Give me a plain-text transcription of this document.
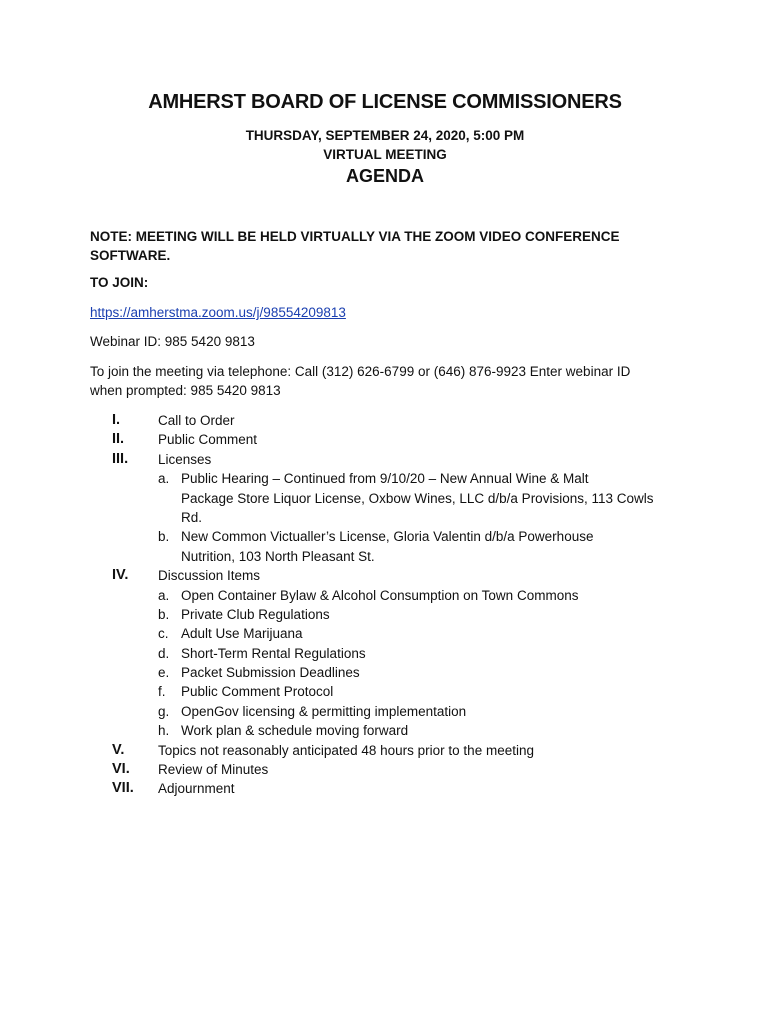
AMHERST BOARD OF LICENSE COMMISSIONERS
THURSDAY, SEPTEMBER 24, 2020, 5:00 PM
VIRTUAL MEETING
AGENDA
NOTE: MEETING WILL BE HELD VIRTUALLY VIA THE ZOOM VIDEO CONFERENCE
SOFTWARE.
TO JOIN:
https://amherstma.zoom.us/j/98554209813
Webinar ID: 985 5420 9813
To join the meeting via telephone: Call (312) 626-6799 or (646) 876-9923 Enter webinar ID
when prompted: 985 5420 9813
I.	Call to Order
II.	Public Comment
III. Licenses
a. Public Hearing – Continued from 9/10/20 – New Annual Wine & Malt
Package Store Liquor License, Oxbow Wines, LLC d/b/a Provisions, 113 Cowls
Rd.
b. New Common Victualler’s License, Gloria Valentin d/b/a Powerhouse
Nutrition, 103 North Pleasant St.
IV. Discussion Items
a. Open Container Bylaw & Alcohol Consumption on Town Commons
b. Private Club Regulations
c. Adult Use Marijuana
d. Short-Term Rental Regulations
e. Packet Submission Deadlines
f. Public Comment Protocol
g. OpenGov licensing & permitting implementation
h. Work plan & schedule moving forward
V. Topics not reasonably anticipated 48 hours prior to the meeting
VI. Review of Minutes
VII. Adjournment
